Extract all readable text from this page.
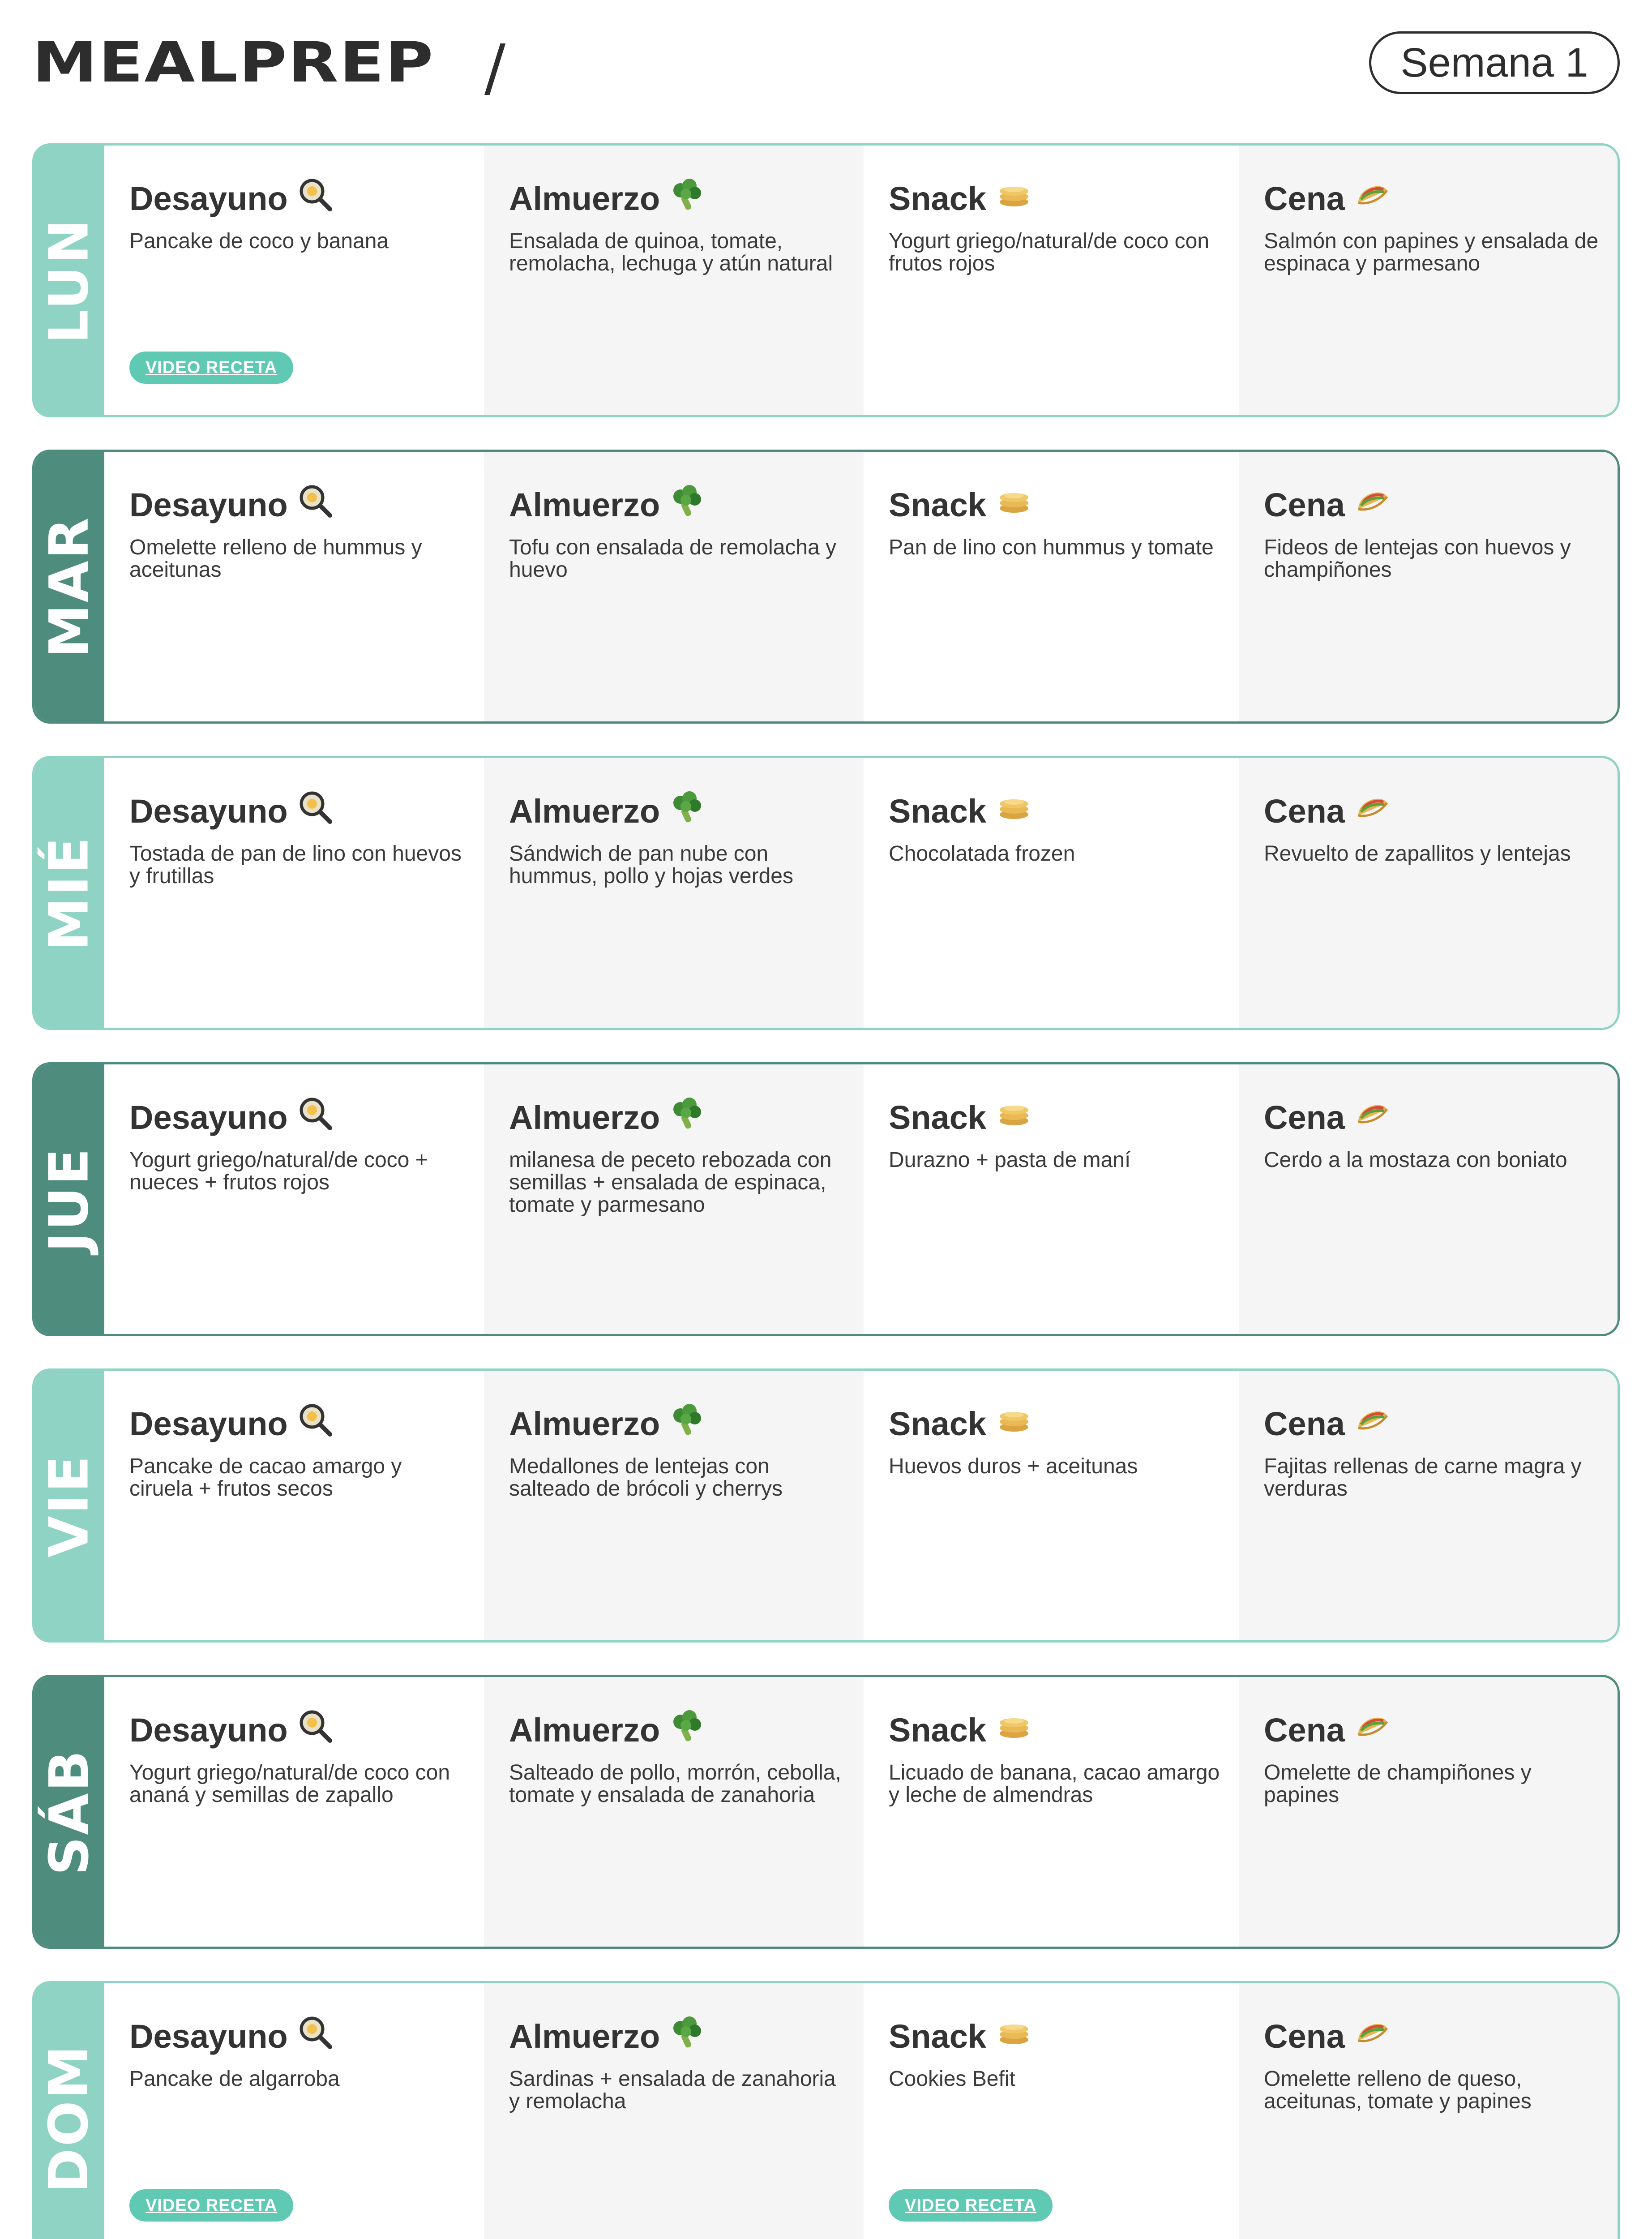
MEALPREP /	Semana 1
LUN
Desayuno
Pancake de coco y banana
VIDEO RECETA
Almuerzo
Ensalada de quinoa, tomate, remolacha, lechuga y atún natural
Snack
Yogurt griego/natural/de coco con frutos rojos
Cena
Salmón con papines y ensalada de espinaca y parmesano
MAR
Desayuno
Omelette relleno de hummus y aceitunas
Almuerzo
Tofu con ensalada de remolacha y huevo
Snack
Pan de lino con hummus y tomate
Cena
Fideos de lentejas con huevos y champiñones
MIÉ
Desayuno
Tostada de pan de lino con huevos y frutillas
Almuerzo
Sándwich de pan nube con hummus, pollo y hojas verdes
Snack
Chocolatada frozen
Cena
Revuelto de zapallitos y lentejas
JUE
Desayuno
Yogurt griego/natural/de coco + nueces + frutos rojos
Almuerzo
milanesa de peceto rebozada con semillas + ensalada de espinaca, tomate y parmesano
Snack
Durazno + pasta de maní
Cena
Cerdo a la mostaza con boniato
VIE
Desayuno
Pancake de cacao amargo y ciruela + frutos secos
Almuerzo
Medallones de lentejas con salteado de brócoli y cherrys
Snack
Huevos duros + aceitunas
Cena
Fajitas rellenas de carne magra y verduras
SÁB
Desayuno
Yogurt griego/natural/de coco con ananá y semillas de zapallo
Almuerzo
Salteado de pollo, morrón, cebolla, tomate y ensalada de zanahoria
Snack
Licuado de banana, cacao amargo y leche de almendras
Cena
Omelette de champiñones y papines
DOM
Desayuno
Pancake de algarroba
VIDEO RECETA
Almuerzo
Sardinas + ensalada de zanahoria y remolacha
Snack
Cookies Befit
VIDEO RECETA
Cena
Omelette relleno de queso, aceitunas, tomate y papines
